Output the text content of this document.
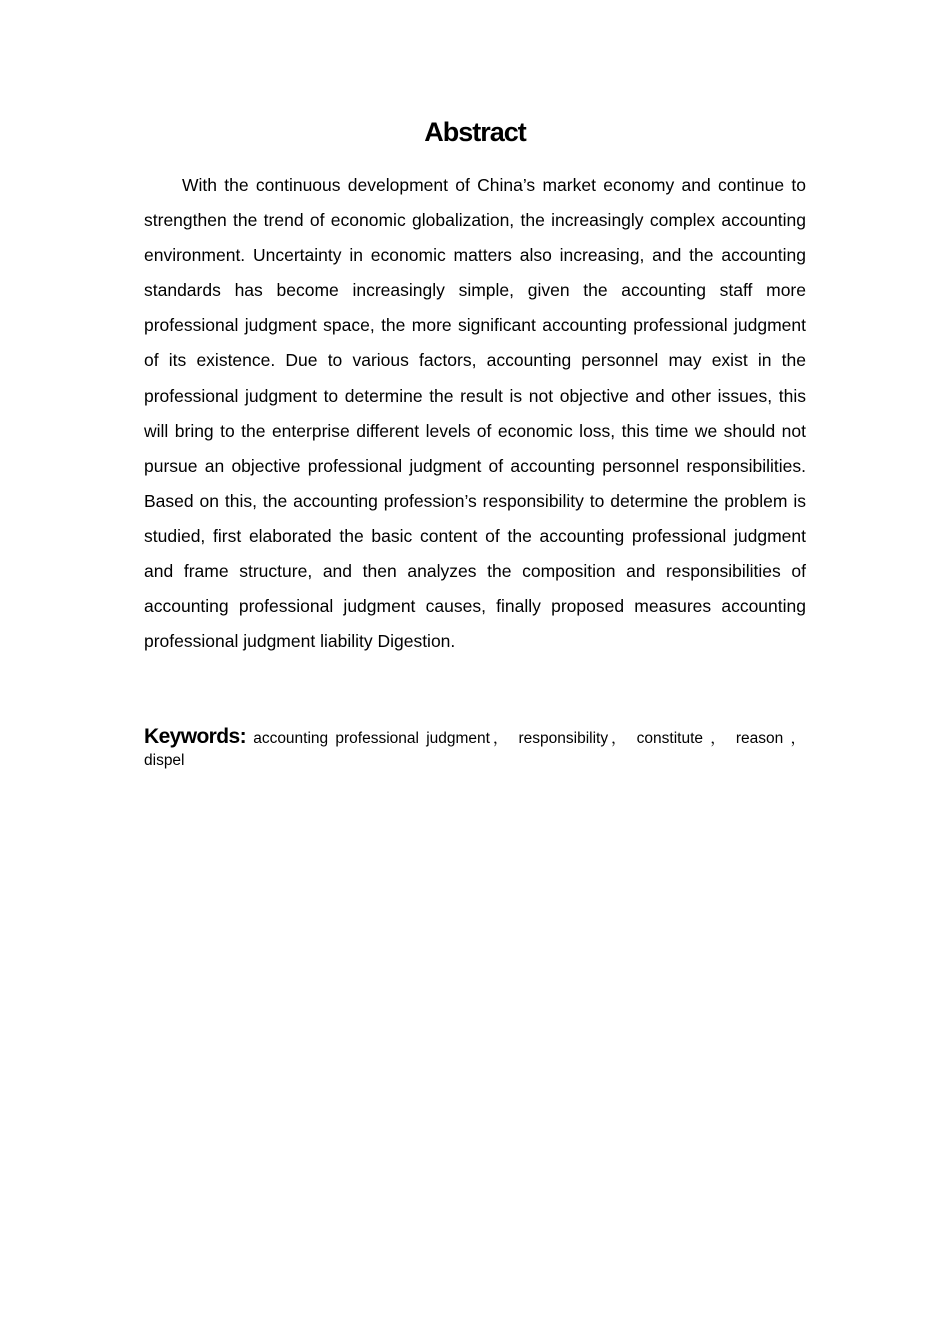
Abstract

With the continuous development of China’s market economy and continue to strengthen the trend of economic globalization, the increasingly complex accounting environment. Uncertainty in economic matters also increasing, and the accounting standards has become increasingly simple, given the accounting staff more professional judgment space, the more significant accounting professional judgment of its existence. Due to various factors, accounting personnel may exist in the professional judgment to determine the result is not objective and other issues, this will bring to the enterprise different levels of economic loss, this time we should not pursue an objective professional judgment of accounting personnel responsibilities. Based on this, the accounting profession’s responsibility to determine the problem is studied, first elaborated the basic content of the accounting professional judgment and frame structure, and then analyzes the composition and responsibilities of accounting professional judgment causes, finally proposed measures accounting professional judgment liability Digestion.

Keywords: accounting professional judgment， responsibility， constitute ， reason ，dispel
